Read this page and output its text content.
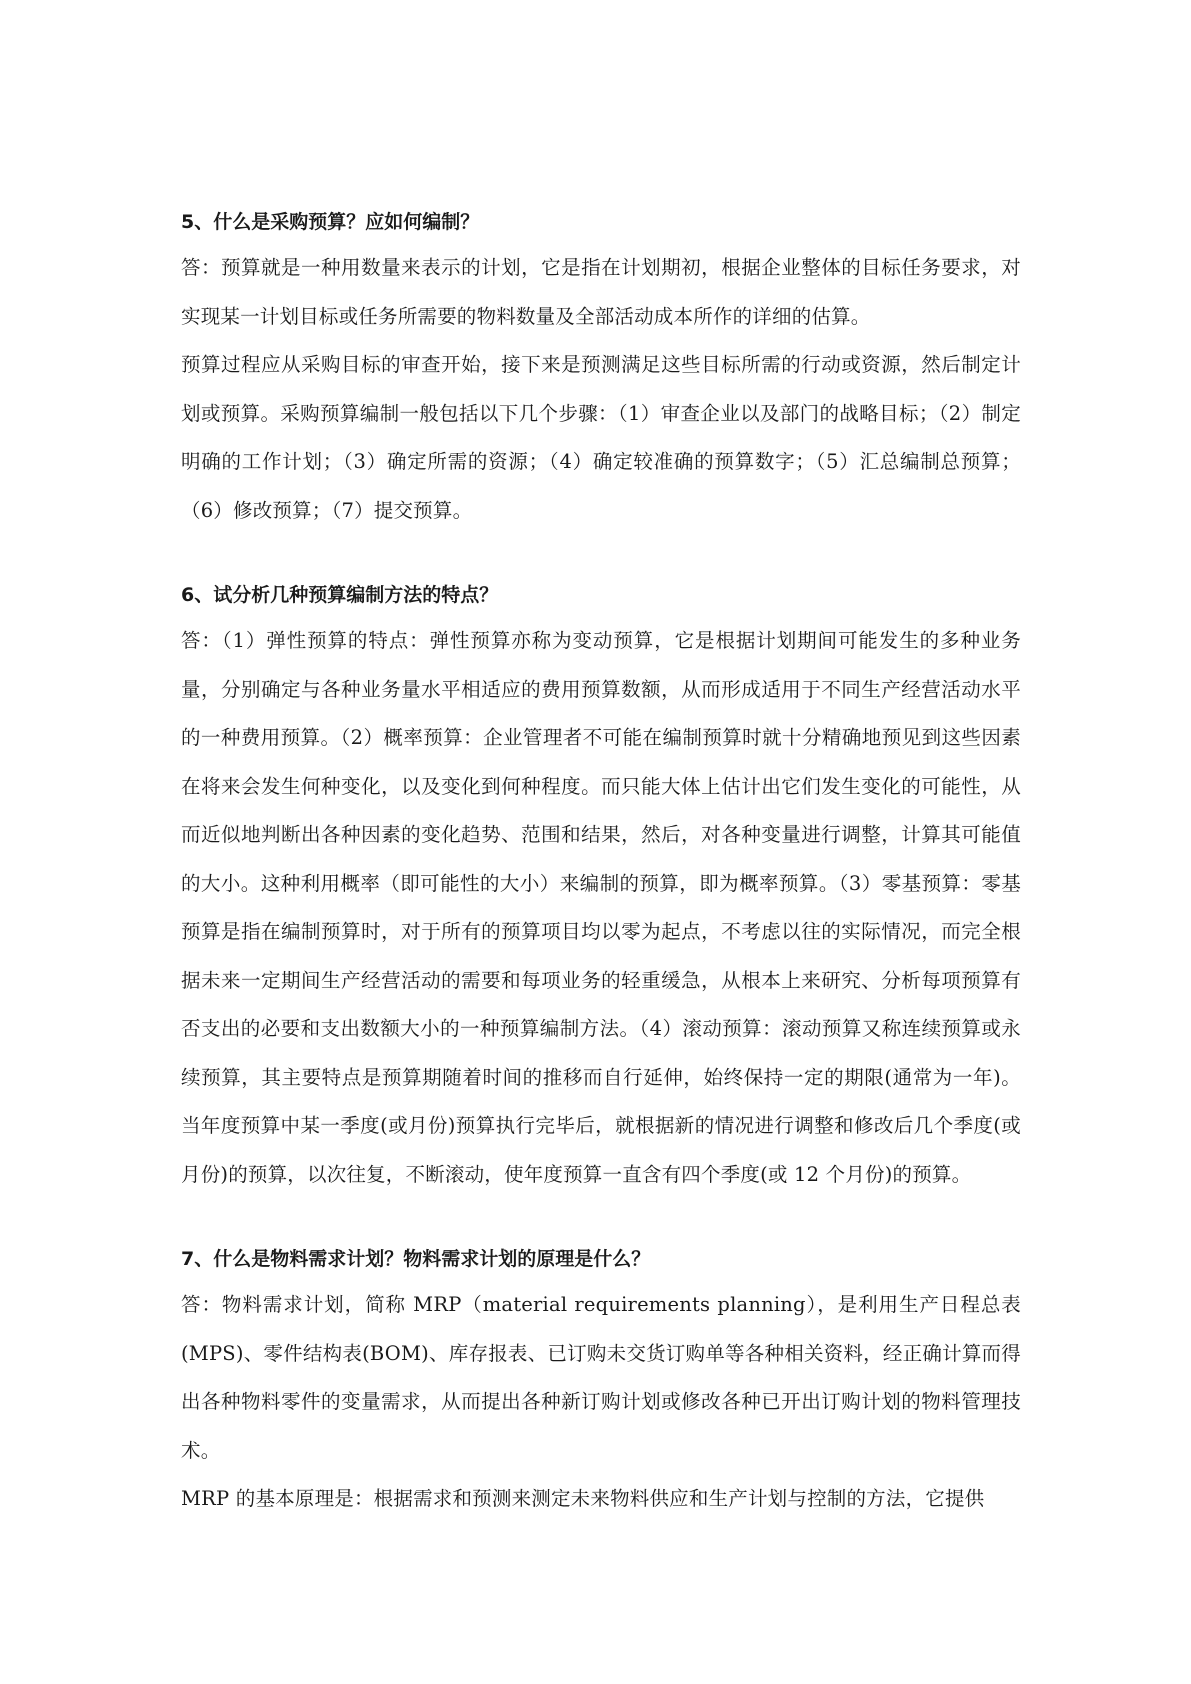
5、什么是采购预算？应如何编制？

答：预算就是一种用数量来表示的计划，它是指在计划期初，根据企业整体的目标任务要求，对实现某一计划目标或任务所需要的物料数量及全部活动成本所作的详细的估算。

预算过程应从采购目标的审查开始，接下来是预测满足这些目标所需的行动或资源，然后制定计划或预算。采购预算编制一般包括以下几个步骤：（1）审查企业以及部门的战略目标；（2）制定明确的工作计划；（3）确定所需的资源；（4）确定较准确的预算数字；（5）汇总编制总预算；（6）修改预算；（7）提交预算。

6、试分析几种预算编制方法的特点？

答：（1）弹性预算的特点：弹性预算亦称为变动预算，它是根据计划期间可能发生的多种业务量，分别确定与各种业务量水平相适应的费用预算数额，从而形成适用于不同生产经营活动水平的一种费用预算。（2）概率预算：企业管理者不可能在编制预算时就十分精确地预见到这些因素在将来会发生何种变化，以及变化到何种程度。而只能大体上估计出它们发生变化的可能性，从而近似地判断出各种因素的变化趋势、范围和结果，然后，对各种变量进行调整，计算其可能值的大小。这种利用概率（即可能性的大小）来编制的预算，即为概率预算。（3）零基预算：零基预算是指在编制预算时，对于所有的预算项目均以零为起点，不考虑以往的实际情况，而完全根据未来一定期间生产经营活动的需要和每项业务的轻重缓急，从根本上来研究、分析每项预算有否支出的必要和支出数额大小的一种预算编制方法。（4）滚动预算：滚动预算又称连续预算或永续预算，其主要特点是预算期随着时间的推移而自行延伸，始终保持一定的期限(通常为一年)。当年度预算中某一季度(或月份)预算执行完毕后，就根据新的情况进行调整和修改后几个季度(或月份)的预算，以次往复，不断滚动，使年度预算一直含有四个季度(或 12 个月份)的预算。

7、什么是物料需求计划？物料需求计划的原理是什么？

答：物料需求计划，简称 MRP（material requirements planning），是利用生产日程总表(MPS)、零件结构表(BOM)、库存报表、已订购未交货订购单等各种相关资料，经正确计算而得出各种物料零件的变量需求，从而提出各种新订购计划或修改各种已开出订购计划的物料管理技术。

MRP 的基本原理是：根据需求和预测来测定未来物料供应和生产计划与控制的方法，它提供
